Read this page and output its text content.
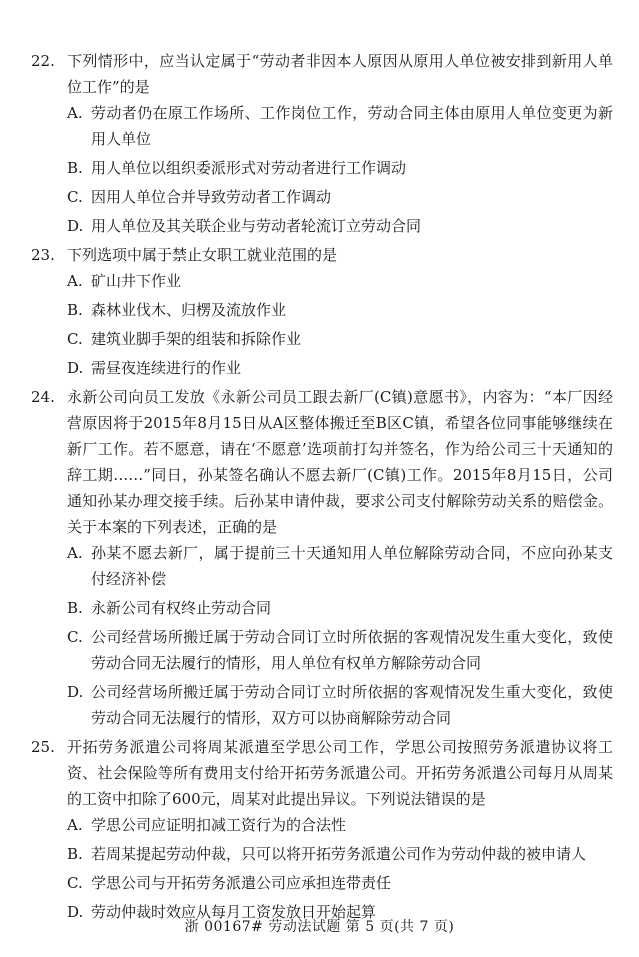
22. 下列情形中，应当认定属于“劳动者非因本人原因从原用人单位被安排到新用人单位工作”的是
A. 劳动者仍在原工作场所、工作岗位工作，劳动合同主体由原用人单位变更为新用人单位
B. 用人单位以组织委派形式对劳动者进行工作调动
C. 因用人单位合并导致劳动者工作调动
D. 用人单位及其关联企业与劳动者轮流订立劳动合同
23. 下列选项中属于禁止女职工就业范围的是
A. 矿山井下作业
B. 森林业伐木、归楞及流放作业
C. 建筑业脚手架的组装和拆除作业
D. 需昼夜连续进行的作业
24. 永新公司向员工发放《永新公司员工跟去新厂(C镇)意愿书》，内容为：“本厂因经营原因将于2015年8月15日从A区整体搬迁至B区C镇，希望各位同事能够继续在新厂工作。若不愿意，请在‘不愿意’选项前打勾并签名，作为给公司三十天通知的辞工期……”同日，孙某签名确认不愿去新厂(C镇)工作。2015年8月15日，公司通知孙某办理交接手续。后孙某申请仲裁，要求公司支付解除劳动关系的赔偿金。关于本案的下列表述，正确的是
A. 孙某不愿去新厂，属于提前三十天通知用人单位解除劳动合同，不应向孙某支付经济补偿
B. 永新公司有权终止劳动合同
C. 公司经营场所搬迁属于劳动合同订立时所依据的客观情况发生重大变化，致使劳动合同无法履行的情形，用人单位有权单方解除劳动合同
D. 公司经营场所搬迁属于劳动合同订立时所依据的客观情况发生重大变化，致使劳动合同无法履行的情形，双方可以协商解除劳动合同
25. 开拓劳务派遣公司将周某派遣至学思公司工作，学思公司按照劳务派遣协议将工资、社会保险等所有费用支付给开拓劳务派遣公司。开拓劳务派遣公司每月从周某的工资中扣除了600元，周某对此提出异议。下列说法错误的是
A. 学思公司应证明扣减工资行为的合法性
B. 若周某提起劳动仲裁，只可以将开拓劳务派遣公司作为劳动仲裁的被申请人
C. 学思公司与开拓劳务派遣公司应承担连带责任
D. 劳动仲裁时效应从每月工资发放日开始起算
浙 00167# 劳动法试题 第 5 页(共 7 页)
